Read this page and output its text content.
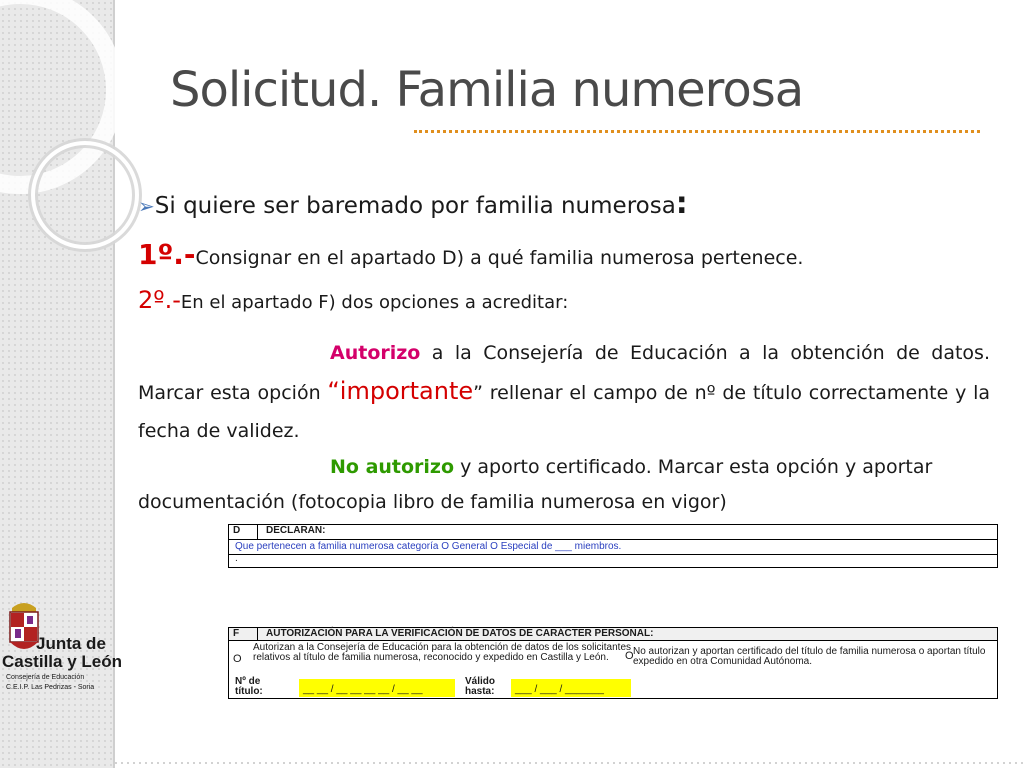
Junta de
Castilla y León
Consejería de Educación
C.E.I.P. Las Pedrizas - Soria
Solicitud. Familia numerosa
➢Si quiere ser baremado por familia numerosa:
1º.-Consignar en el apartado D) a qué familia numerosa pertenece.
2º.-En el apartado F) dos opciones a acreditar:
Autorizo a la Consejería de Educación a la obtención de datos. Marcar esta opción “importante” rellenar el campo de nº de título correctamente y la fecha de validez.
No autorizo y aporto certificado. Marcar esta opción y aportar documentación (fotocopia libro de familia numerosa en vigor)
D	DECLARAN:
Que pertenecen a familia numerosa categoría O General O Especial de ___ miembros.
.
F	AUTORIZACIÓN PARA LA VERIFICACIÓN DE DATOS DE CARÁCTER PERSONAL:
O
Autorizan a la Consejería de Educación para la obtención de datos de los solicitantes relativos al título de familia numerosa, reconocido y expedido en Castilla y León.	O No autorizan y aportan certificado del título de familia numerosa o aportan título expedido en otra Comunidad Autónoma.
Nº de título:	__ __ / __ __ __ __ / __ __
Válido hasta:	___ / ___ / _______
